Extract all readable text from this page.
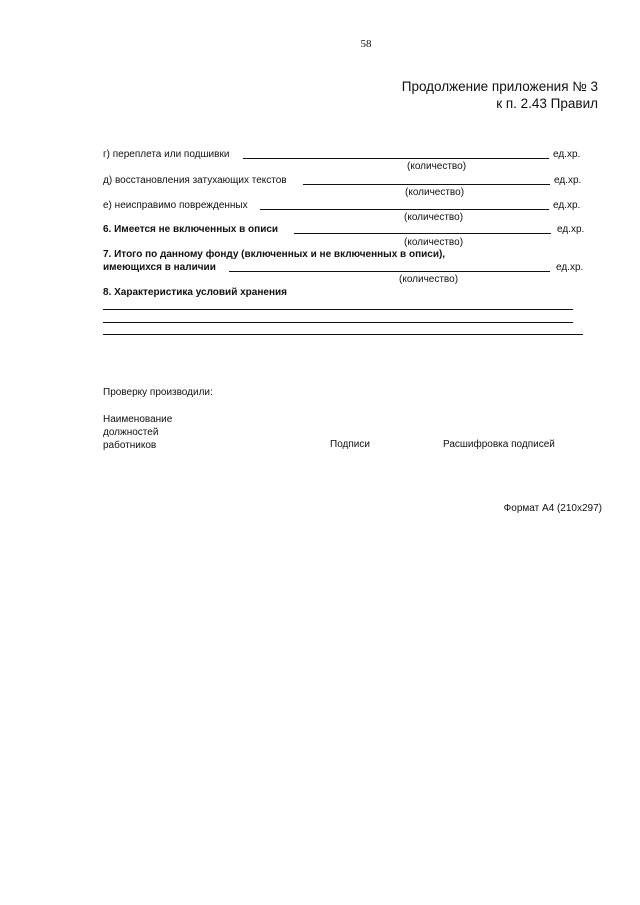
58
Продолжение приложения № 3
к п. 2.43 Правил
г) переплета или подшивки	ед.хр.
(количество)
д) восстановления затухающих текстов	ед.хр.
(количество)
е) неисправимо поврежденных	ед.хр.
(количество)
6. Имеется не включенных в описи	ед.хр.
(количество)
7. Итого по данному фонду (включенных и не включенных в описи),
имеющихся в наличии	ед.хр.
(количество)
8. Характеристика условий хранения
Проверку производили:
Наименование
должностей
работников	Подписи	Расшифровка подписей
Формат А4 (210х297)
